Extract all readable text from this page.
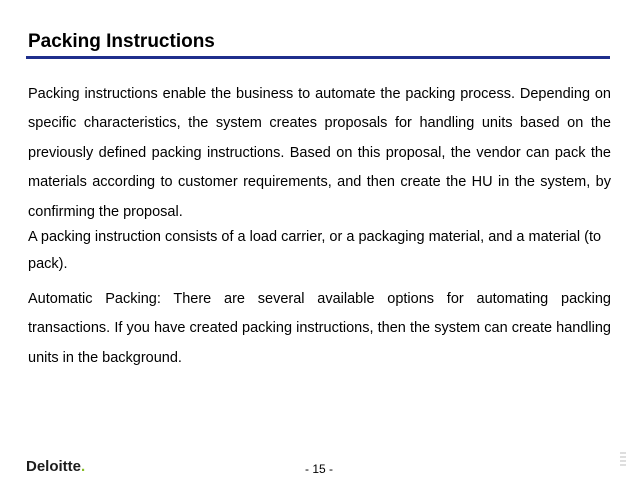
Packing Instructions

Packing instructions enable the business to automate the packing process. Depending on specific characteristics, the system creates proposals for handling units based on the previously defined packing instructions. Based on this proposal, the vendor can pack the materials according to customer requirements, and then create the HU in the system, by confirming the proposal.

A packing instruction consists of a load carrier, or a packaging material, and a material (to pack).

Automatic Packing: There are several available options for automating packing transactions. If you have created packing instructions, then the system can create handling units in the background.

Deloitte.	- 15 -
